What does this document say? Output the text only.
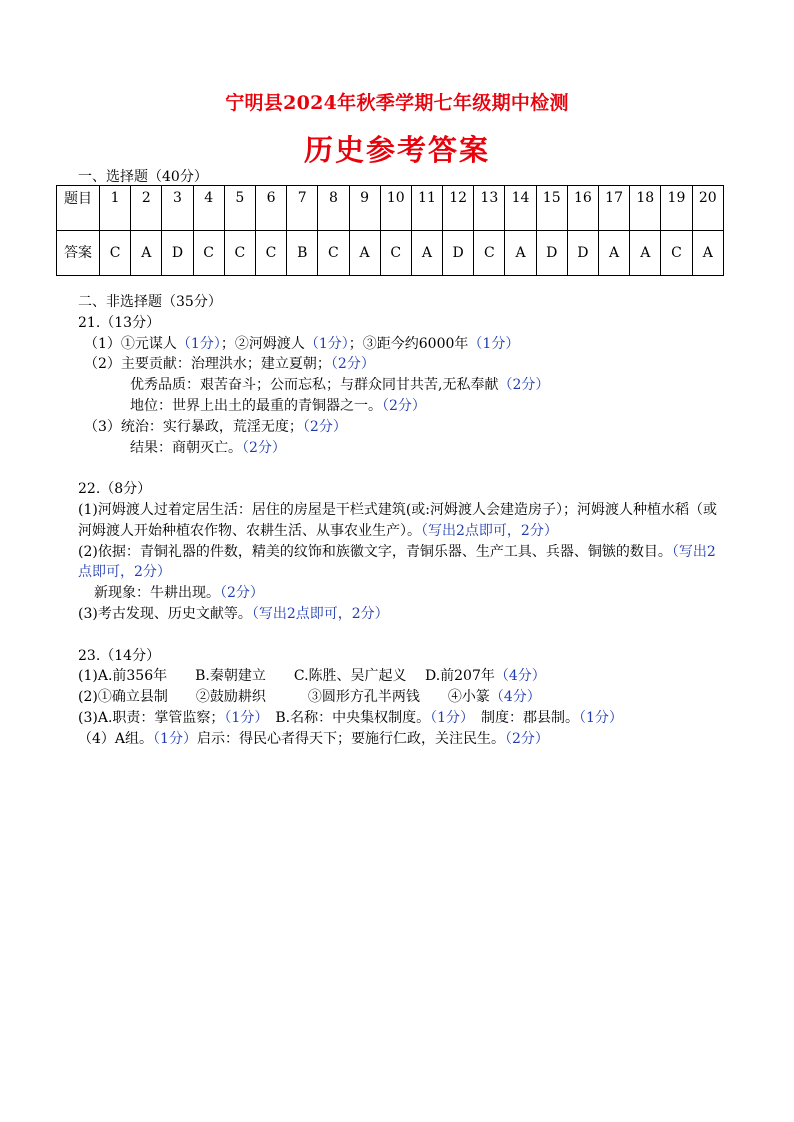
宁明县2024年秋季学期七年级期中检测
历史参考答案
一、选择题（40分）
题目	1	2	3	4	5	6	7	8	9	10	11	12	13	14	15	16	17	18	19	20
答案	C	A	D	C	C	C	B	C	A	C	A	D	C	A	D	D	A	A	C	A

二、非选择题（35分）

21.（13分）

（1）①元谋人（1分）；②河姆渡人（1分）；③距今约6000年（1分）

（2）主要贡献：治理洪水；建立夏朝；（2分）

优秀品质：艰苦奋斗；公而忘私；与群众同甘共苦,无私奉献（2分）

地位：世界上出土的最重的青铜器之一。（2分）

（3）统治：实行暴政，荒淫无度；（2分）

结果：商朝灭亡。（2分）

22.（8分）

(1)河姆渡人过着定居生活：居住的房屋是干栏式建筑(或:河姆渡人会建造房子）；河姆渡人种植水稻（或河姆渡人开始种植农作物、农耕生活、从事农业生产）。（写出2点即可，2分）

(2)依据：青铜礼器的件数，精美的纹饰和族徽文字，青铜乐器、生产工具、兵器、铜镞的数目。（写出2点即可，2分）

新现象：牛耕出现。（2分）

(3)考古发现、历史文献等。（写出2点即可，2分）

23.（14分）

(1)A.前356年　　B.秦朝建立　　C.陈胜、吴广起义　 D.前207年（4分）

(2)①确立县制　　②鼓励耕织　　　③圆形方孔半两钱　　④小篆（4分）

(3)A.职责：掌管监察；（1分）　B.名称：中央集权制度。（1分）　制度：郡县制。（1分）

（4）A组。（1分）启示：得民心者得天下；要施行仁政，关注民生。（2分）
